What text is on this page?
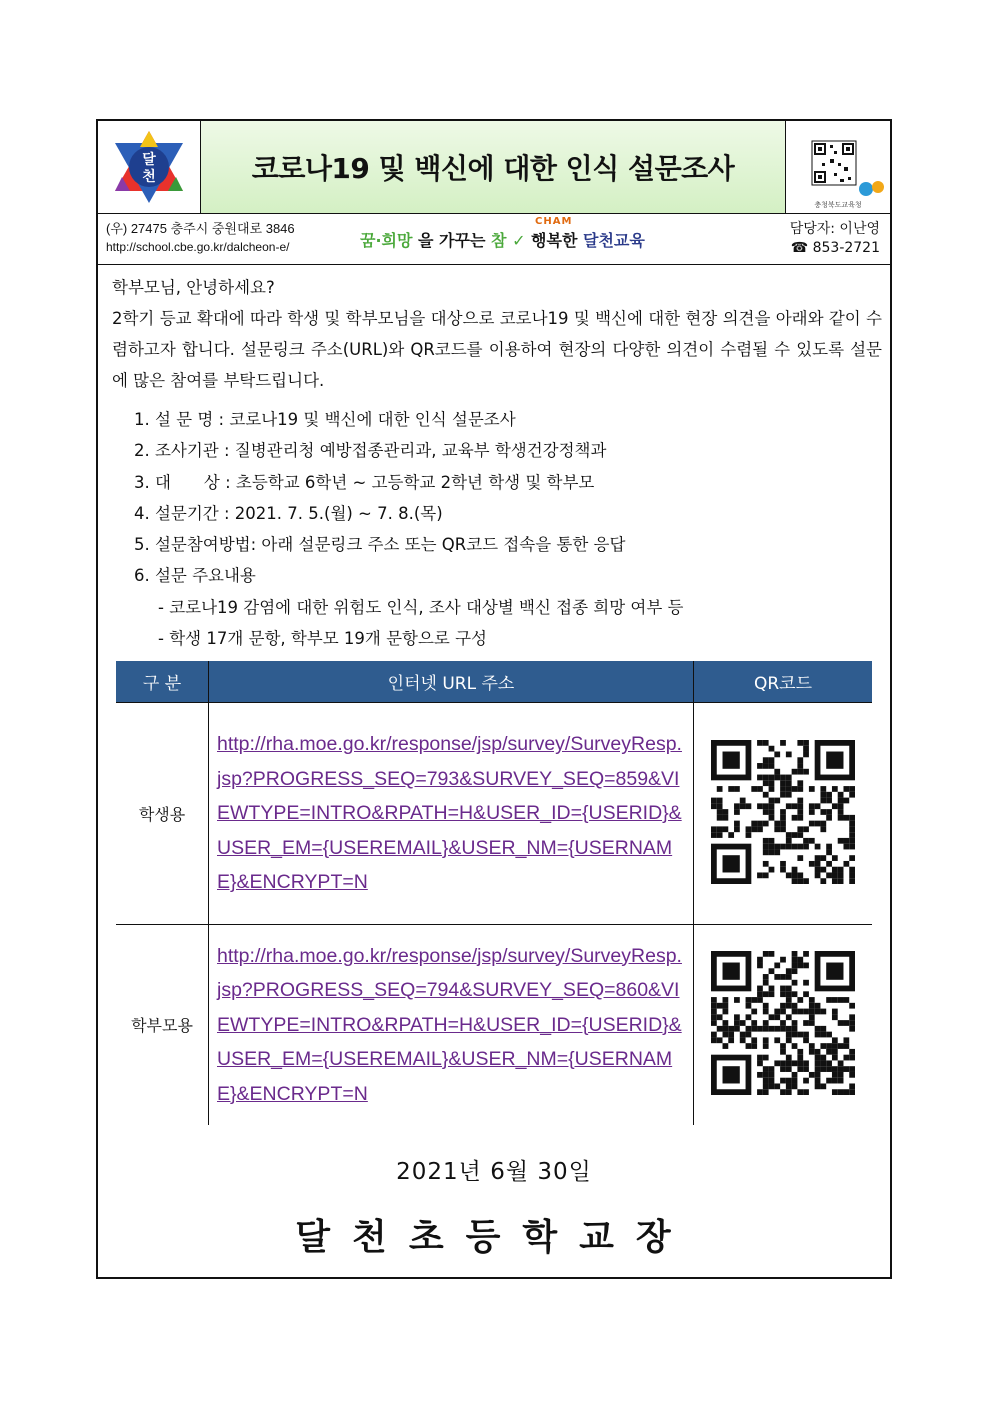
달
천	코로나19 및 백신에 대한 인식 설문조사
충청북도교육청
(우) 27475 충주시 중원대로 3846
http://school.cbe.go.kr/dalcheon-e/
CHAM
꿈·희망 을 가꾸는 참 ✓ 행복한 달천교육
담당자: 이난영
☎ 853-2721
학부모님, 안녕하세요?
2학기 등교 확대에 따라 학생 및 학부모님을 대상으로 코로나19 및 백신에 대한 현장 의견을 아래와 같이 수렴하고자 합니다. 설문링크 주소(URL)와 QR코드를 이용하여 현장의 다양한 의견이 수렴될 수 있도록 설문에 많은 참여를 부탁드립니다.
1. 설 문 명 : 코로나19 및 백신에 대한 인식 설문조사
2. 조사기관 : 질병관리청 예방접종관리과, 교육부 학생건강정책과
3. 대　　상 : 초등학교 6학년 ~ 고등학교 2학년 학생 및 학부모
4. 설문기간 : 2021. 7. 5.(월) ~ 7. 8.(목)
5. 설문참여방법: 아래 설문링크 주소 또는 QR코드 접속을 통한 응답
6. 설문 주요내용
- 코로나19 감염에 대한 위험도 인식, 조사 대상별 백신 접종 희망 여부 등
- 학생 17개 문항, 학부모 19개 문항으로 구성
구 분	인터넷 URL 주소	QR코드
학생용	http://rha.moe.go.kr/response/jsp/survey/SurveyResp.jsp?PROGRESS_SEQ=793&SURVEY_SEQ=859&VIEWTYPE=INTRO&RPATH=H&USER_ID={USERID}&USER_EM={USEREMAIL}&USER_NM={USERNAME}&ENCRYPT=N	
학부모용	http://rha.moe.go.kr/response/jsp/survey/SurveyResp.jsp?PROGRESS_SEQ=794&SURVEY_SEQ=860&VIEWTYPE=INTRO&RPATH=H&USER_ID={USERID}&USER_EM={USEREMAIL}&USER_NM={USERNAME}&ENCRYPT=N	
2021년 6월 30일
달천초등학교장
